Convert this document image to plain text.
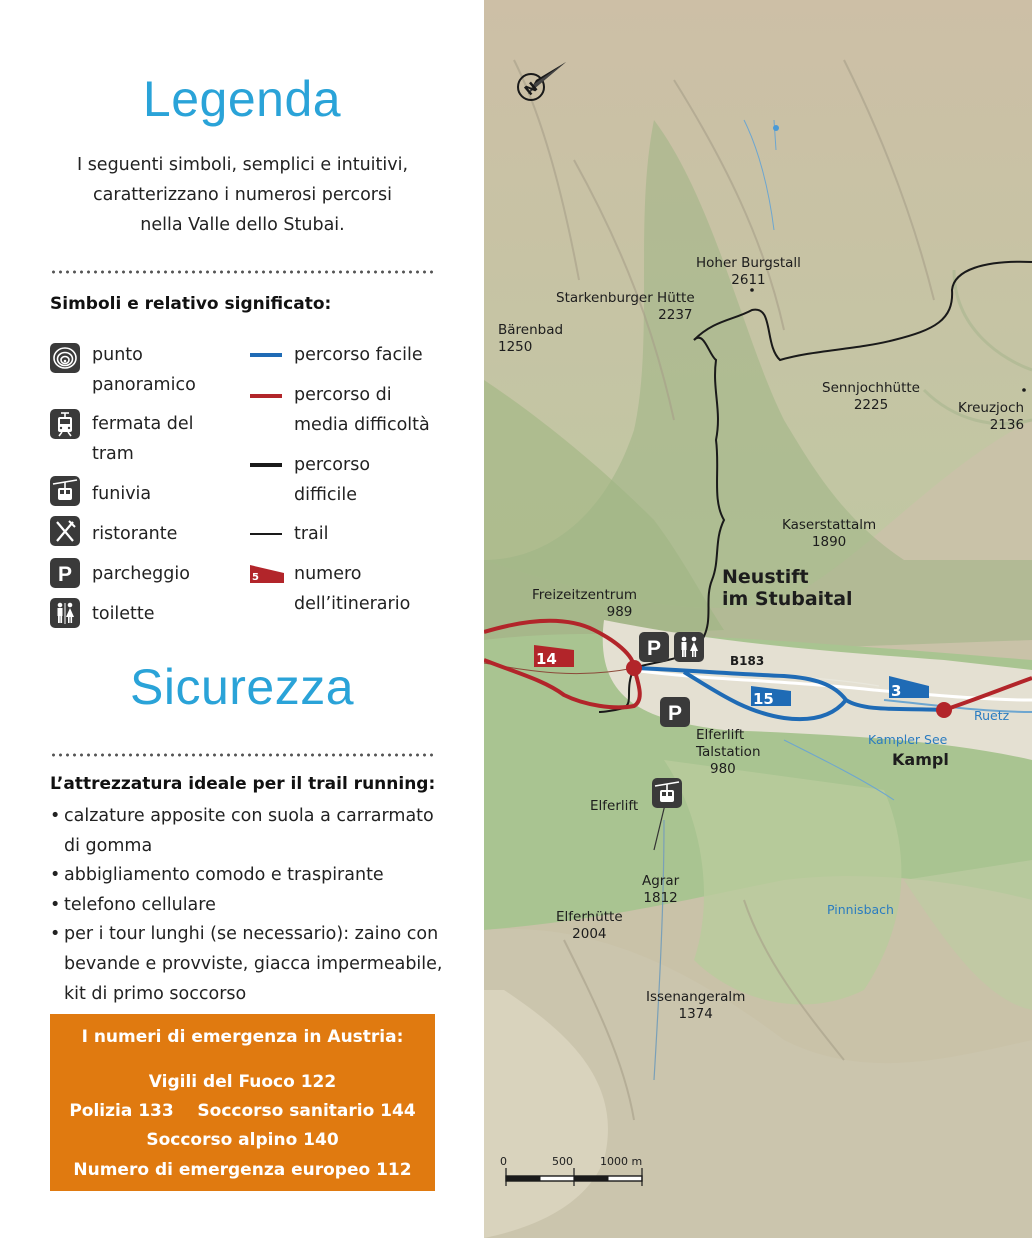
Legenda
I seguenti simboli, semplici e intuitivi,
caratterizzano i numerosi percorsi
nella Valle dello Stubai.
Simboli e relativo significato:
punto
panoramico
fermata del
tram
funivia
ristorante
P parcheggio
toilette
percorso facile
percorso di
media difficoltà
percorso
difficile
trail
5 numero
dell’itinerario
Sicurezza
L’attrezzatura ideale per il trail running:
• calzature apposite con suola a carrarmato
di gomma
• abbigliamento comodo e traspirante
• telefono cellulare
• per i tour lunghi (se necessario): zaino con
bevande e provviste, giacca impermeabile,
kit di primo soccorso
I numeri di emergenza in Austria:
Vigili del Fuoco 122
Polizia 133    Soccorso sanitario 144
Soccorso alpino 140
Numero di emergenza europeo 112
14
15	3
P
P
N
Hoher Burgstall
2611
Starkenburger Hütte
2237
Bärenbad
1250
Sennjochhütte
2225	Kreuzjoch
2136
Kaserstattalm
1890
Freizeitzentrum
989
Elferlift
Talstation
980
Elferlift
Agrar
1812
Elferhütte
2004
Issenangeralm
1374
Neustift
im Stubaital
Kampl
B183
Kampler See
Ruetz
Pinnisbach
0	500 1000 m
